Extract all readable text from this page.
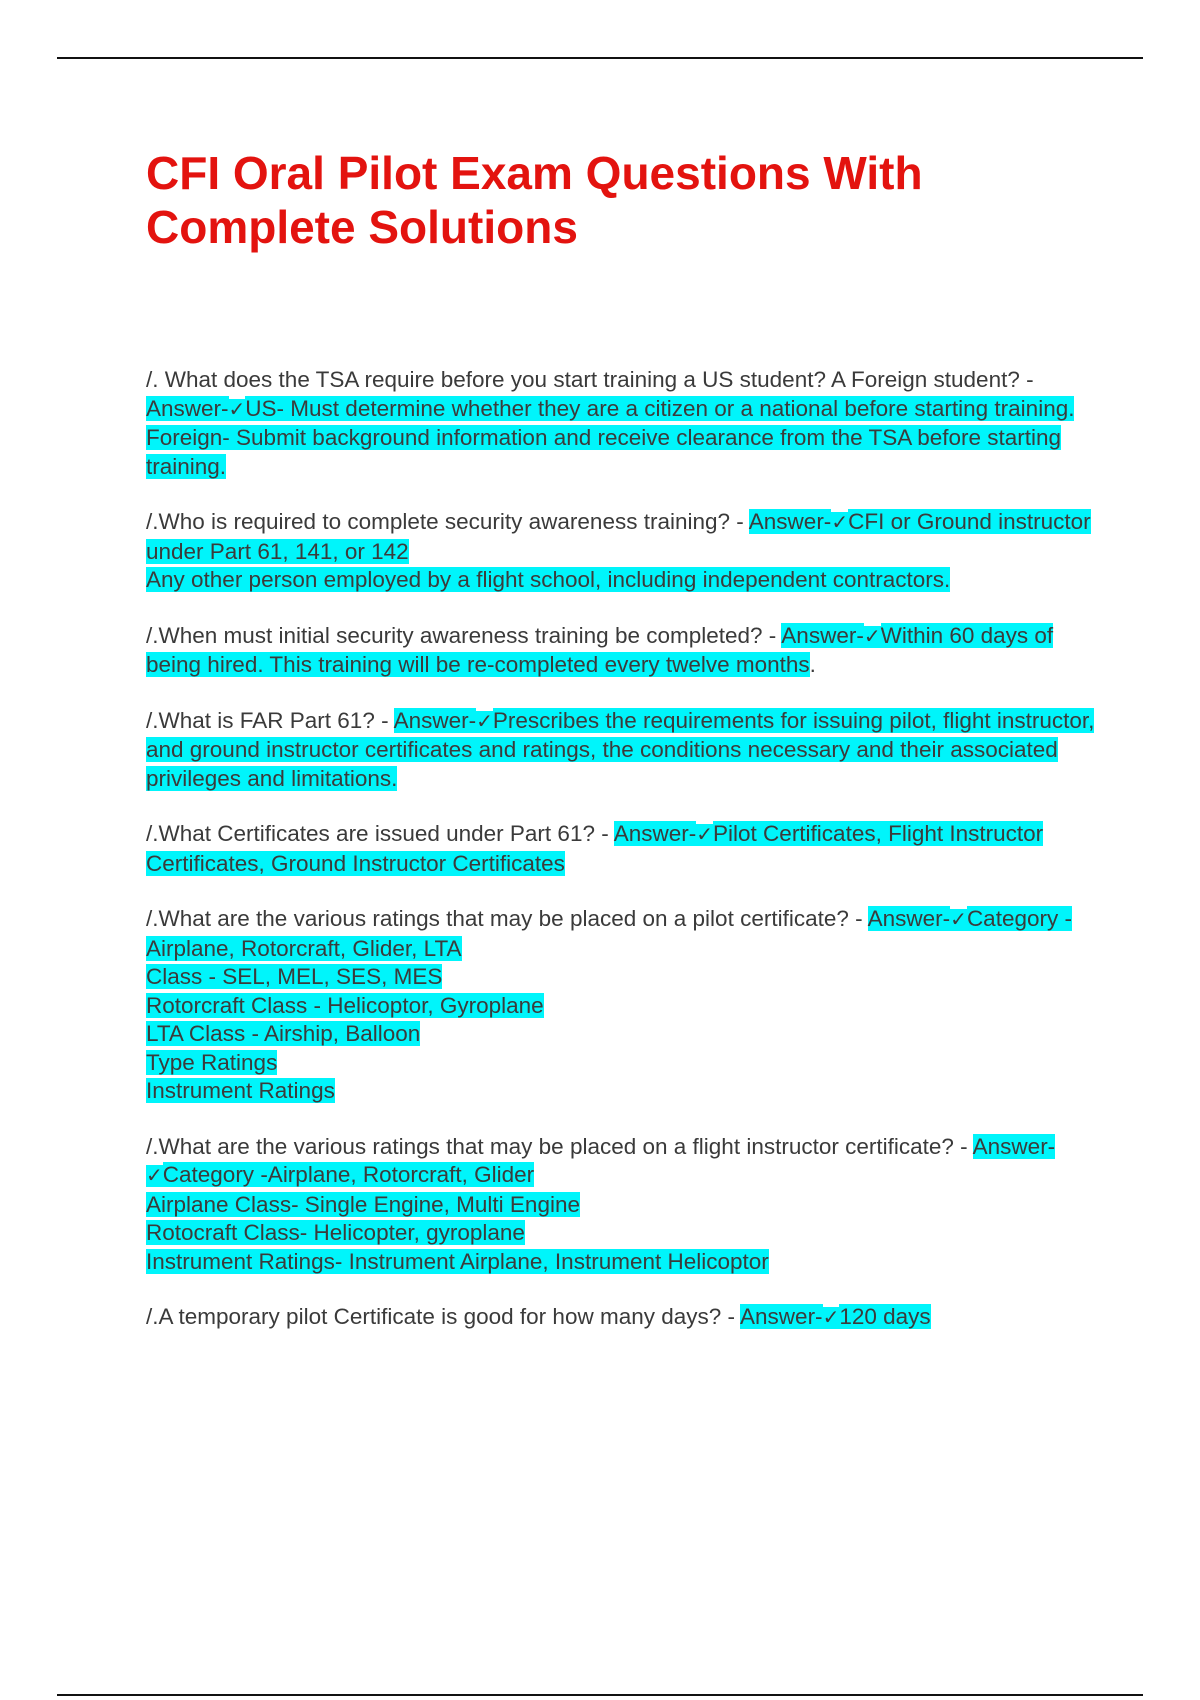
CFI Oral Pilot Exam Questions With Complete Solutions

/. What does the TSA require before you start training a US student? A Foreign student? - Answer-✓US- Must determine whether they are a citizen or a national before starting training.
Foreign- Submit background information and receive clearance from the TSA before starting training.

/.Who is required to complete security awareness training? - Answer-✓CFI or Ground instructor under Part 61, 141, or 142
Any other person employed by a flight school, including independent contractors.

/.When must initial security awareness training be completed? - Answer-✓Within 60 days of being hired. This training will be re-completed every twelve months.

/.What is FAR Part 61? - Answer-✓Prescribes the requirements for issuing pilot, flight instructor, and ground instructor certificates and ratings, the conditions necessary and their associated privileges and limitations.

/.What Certificates are issued under Part 61? - Answer-✓Pilot Certificates, Flight Instructor Certificates, Ground Instructor Certificates

/.What are the various ratings that may be placed on a pilot certificate? - Answer-✓Category - Airplane, Rotorcraft, Glider, LTA
Class - SEL, MEL, SES, MES
Rotorcraft Class - Helicoptor, Gyroplane
LTA Class - Airship, Balloon
Type Ratings
Instrument Ratings

/.What are the various ratings that may be placed on a flight instructor certificate? - Answer-✓Category -Airplane, Rotorcraft, Glider
Airplane Class- Single Engine, Multi Engine
Rotocraft Class- Helicopter, gyroplane
Instrument Ratings- Instrument Airplane, Instrument Helicoptor

/.A temporary pilot Certificate is good for how many days? - Answer-✓120 days
